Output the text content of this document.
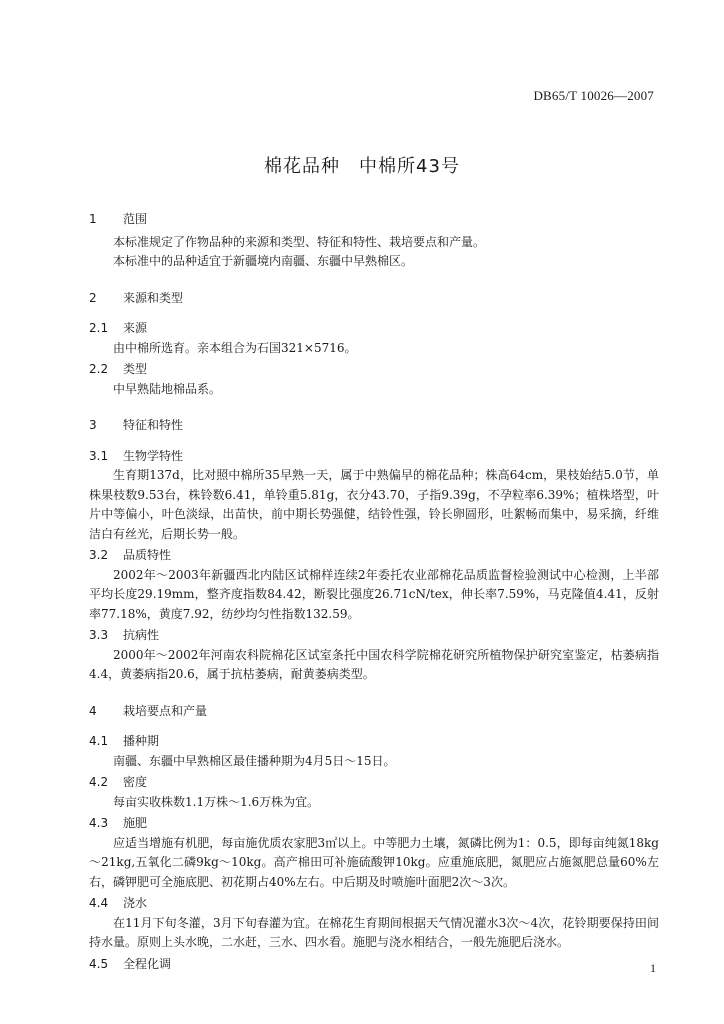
DB65/T 10026—2007
棉花品种　中棉所43号
1 范围

本标准规定了作物品种的来源和类型、特征和特性、栽培要点和产量。

本标准中的品种适宜于新疆境内南疆、东疆中早熟棉区。

2 来源和类型
2.1 来源

由中棉所选育。亲本组合为石国321×5716。

2.2 类型

中早熟陆地棉品系。

3 特征和特性
3.1 生物学特性

生育期137d，比对照中棉所35早熟一天，属于中熟偏早的棉花品种；株高64cm，果枝始结5.0节，单株果枝数9.53台，株铃数6.41，单铃重5.81g，衣分43.70，子指9.39g，不孕粒率6.39%；植株塔型，叶片中等偏小，叶色淡绿，出苗快，前中期长势强健，结铃性强，铃长卵圆形，吐絮畅而集中，易采摘，纤维洁白有丝光，后期长势一般。

3.2 品质特性

2002年～2003年新疆西北内陆区试棉样连续2年委托农业部棉花品质监督检验测试中心检测，上半部平均长度29.19mm，整齐度指数84.42，断裂比强度26.71cN/tex，伸长率7.59%，马克隆值4.41，反射率77.18%，黄度7.92，纺纱均匀性指数132.59。

3.3 抗病性

2000年～2002年河南农科院棉花区试室条托中国农科学院棉花研究所植物保护研究室鉴定，枯萎病指4.4，黄萎病指20.6，属于抗枯萎病，耐黄萎病类型。

4 栽培要点和产量
4.1 播种期

南疆、东疆中早熟棉区最佳播种期为4月5日～15日。

4.2 密度

每亩实收株数1.1万株～1.6万株为宜。

4.3 施肥

应适当增施有机肥，每亩施优质农家肥3㎡以上。中等肥力土壤，氮磷比例为1：0.5，即每亩纯氮18kg～21kg,五氧化二磷9kg～10kg。高产棉田可补施硫酸钾10kg。应重施底肥，氮肥应占施氮肥总量60%左右，磷钾肥可全施底肥、初花期占40%左右。中后期及时喷施叶面肥2次～3次。

4.4 浇水

在11月下旬冬灌，3月下旬春灌为宜。在棉花生育期间根据天气情况灌水3次～4次，花铃期要保持田间持水量。原则上头水晚，二水赶，三水、四水看。施肥与浇水相结合，一般先施肥后浇水。

4.5 全程化调	1
